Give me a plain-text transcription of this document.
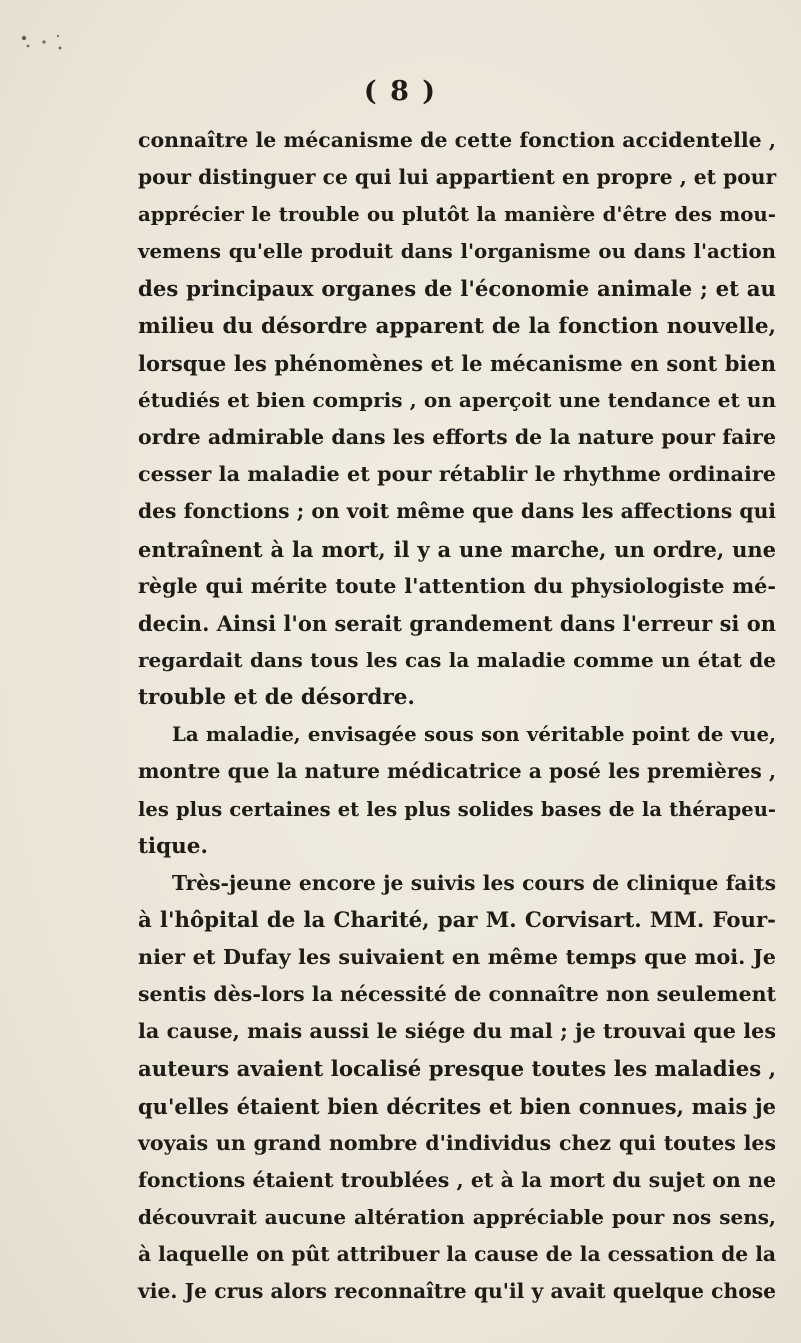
( 8 )
connaître le mécanisme de cette fonction accidentelle ,
pour distinguer ce qui lui appartient en propre , et pour
apprécier le trouble ou plutôt la manière d'être des mou-
vemens qu'elle produit dans l'organisme ou dans l'action
des principaux organes de l'économie animale ; et au
milieu du désordre apparent de la fonction nouvelle,
lorsque les phénomènes et le mécanisme en sont bien
étudiés et bien compris , on aperçoit une tendance et un
ordre admirable dans les efforts de la nature pour faire
cesser la maladie et pour rétablir le rhythme ordinaire
des fonctions ; on voit même que dans les affections qui
entraînent à la mort, il y a une marche, un ordre, une
règle qui mérite toute l'attention du physiologiste mé-
decin. Ainsi l'on serait grandement dans l'erreur si on
regardait dans tous les cas la maladie comme un état de
trouble et de désordre.
La maladie, envisagée sous son véritable point de vue,
montre que la nature médicatrice a posé les premières ,
les plus certaines et les plus solides bases de la thérapeu-
tique.
Très-jeune encore je suivis les cours de clinique faits
à l'hôpital de la Charité, par M. Corvisart. MM. Four-
nier et Dufay les suivaient en même temps que moi. Je
sentis dès-lors la nécessité de connaître non seulement
la cause, mais aussi le siége du mal ; je trouvai que les
auteurs avaient localisé presque toutes les maladies ,
qu'elles étaient bien décrites et bien connues, mais je
voyais un grand nombre d'individus chez qui toutes les
fonctions étaient troublées , et à la mort du sujet on ne
découvrait aucune altération appréciable pour nos sens,
à laquelle on pût attribuer la cause de la cessation de la
vie. Je crus alors reconnaître qu'il y avait quelque chose
